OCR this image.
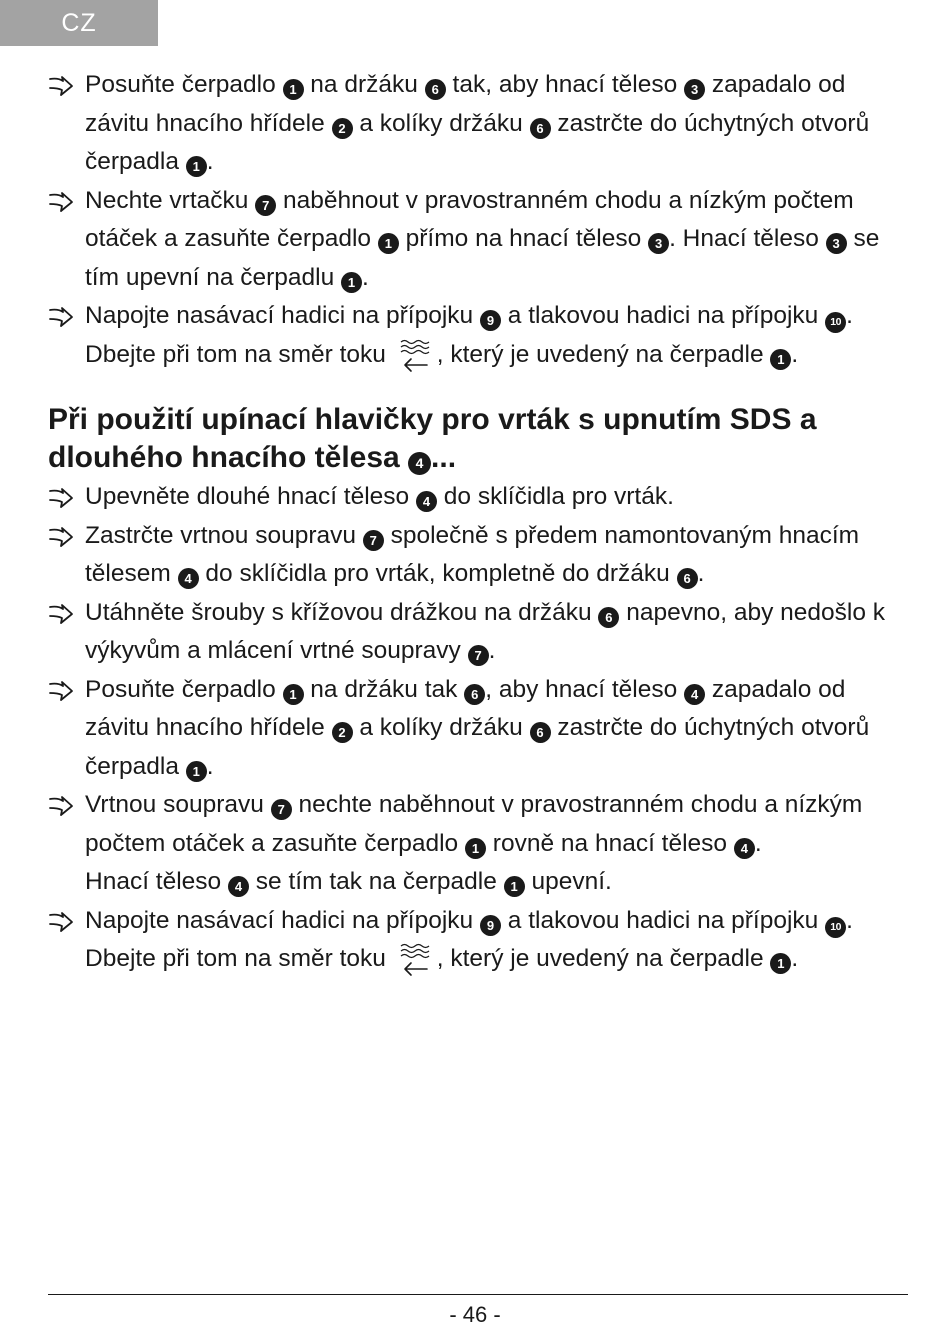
CZ
Posuňte čerpadlo 1 na držáku 6 tak, aby hnací těleso 3 zapadalo od závitu hnacího hřídele 2 a kolíky držáku 6 zastrčte do úchytných otvorů čerpadla 1 .
Nechte vrtačku 7 naběhnout v pravostranném chodu a nízkým počtem otáček a zasuňte čerpadlo 1 přímo na hnací těleso 3 . Hnací těleso 3 se tím upevní na čerpadlu 1 .
Napojte nasávací hadici na přípojku 9 a tlakovou hadici na přípojku 10 . Dbejte při tom na směr toku
, který je uvedený na čerpadle 1 .
Při použití upínací hlavičky pro vrták s upnutím SDS a dlouhého hnacího tělesa 4 ...
Upevněte dlouhé hnací těleso 4 do sklíčidla pro vrták.
Zastrčte vrtnou soupravu 7 společně s předem namontovaným hnacím tělesem 4 do sklíčidla pro vrták, kompletně do držáku 6 .
Utáhněte šrouby s křížovou drážkou na držáku 6 napevno, aby nedošlo k výkyvům a mlácení vrtné soupravy 7 .
Posuňte čerpadlo 1 na držáku tak 6 , aby hnací těleso 4 zapadalo od závitu hnacího hřídele 2 a kolíky držáku 6 zastrčte do úchytných otvorů čerpadla 1 .
Vrtnou soupravu 7 nechte naběhnout v pravostranném chodu a nízkým počtem otáček a zasuňte čerpadlo 1 rovně na hnací těleso 4 .
Hnací těleso 4 se tím tak na čerpadle 1 upevní.
Napojte nasávací hadici na přípojku 9 a tlakovou hadici na přípojku 10 . Dbejte při tom na směr toku
, který je uvedený na čerpadle 1 .
- 46 -
